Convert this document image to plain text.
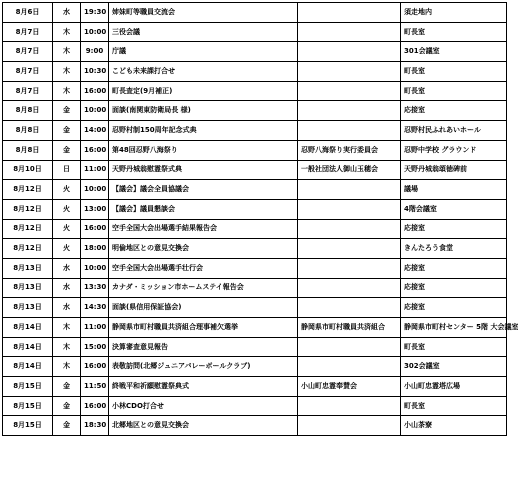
8月6日	水	19:30	姉妹町等職員交流会		須走地内
8月7日	木	10:00	三役会議		町長室
8月7日	木	9:00	庁議		301会議室
8月7日	木	10:30	こども未来課打合せ		町長室
8月7日	木	16:00	町長査定(9月補正)		町長室
8月8日	金	10:00	面談(南関東防衛局長 様)		応接室
8月8日	金	14:00	忍野村制150周年記念式典		忍野村民ふれあいホール
8月8日	金	16:00	第48回忍野八海祭り	忍野八海祭り実行委員会	忍野中学校 グラウンド
8月10日	日	11:00	天野丹城翁慰霊祭式典	一般社団法人御山玉穂会	天野丹城翁頌徳碑前
8月12日	火	10:00	【議会】議会全員協議会		議場
8月12日	火	13:00	【議会】議員懇談会		4階会議室
8月12日	火	16:00	空手全国大会出場選手結果報告会		応接室
8月12日	火	18:00	明倫地区との意見交換会		きんたろう食堂
8月13日	水	10:00	空手全国大会出場選手壮行会		応接室
8月13日	水	13:30	カナダ・ミッション市ホームステイ報告会		応接室
8月13日	水	14:30	面談(県信用保証協会)		応接室
8月14日	木	11:00	静岡県市町村職員共済組合理事補欠選挙	静岡県市町村職員共済組合	静岡県市町村センター 5階 大会議室
8月14日	木	15:00	決算審査意見報告		町長室
8月14日	木	16:00	表敬訪問(北郷ジュニアバレーボールクラブ)		302会議室
8月15日	金	11:50	終戦平和祈願慰霊祭典式	小山町忠霊奉賛会	小山町忠霊塔広場
8月15日	金	16:00	小林CDO打合せ		町長室
8月15日	金	18:30	北郷地区との意見交換会		小山茶寮
